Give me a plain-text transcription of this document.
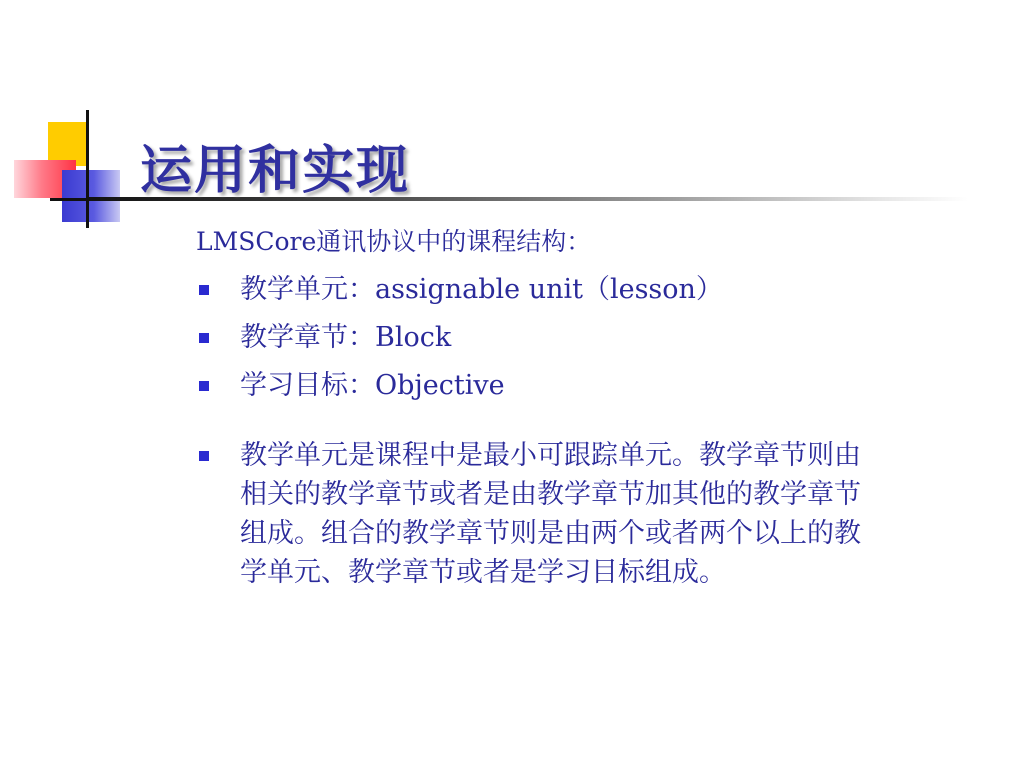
运用和实现
LMSCore通讯协议中的课程结构：
教学单元：assignable unit（lesson）
教学章节：Block
学习目标：Objective
教学单元是课程中是最小可跟踪单元。教学章节则由相关的教学章节或者是由教学章节加其他的教学章节组成。组合的教学章节则是由两个或者两个以上的教学单元、教学章节或者是学习目标组成。
